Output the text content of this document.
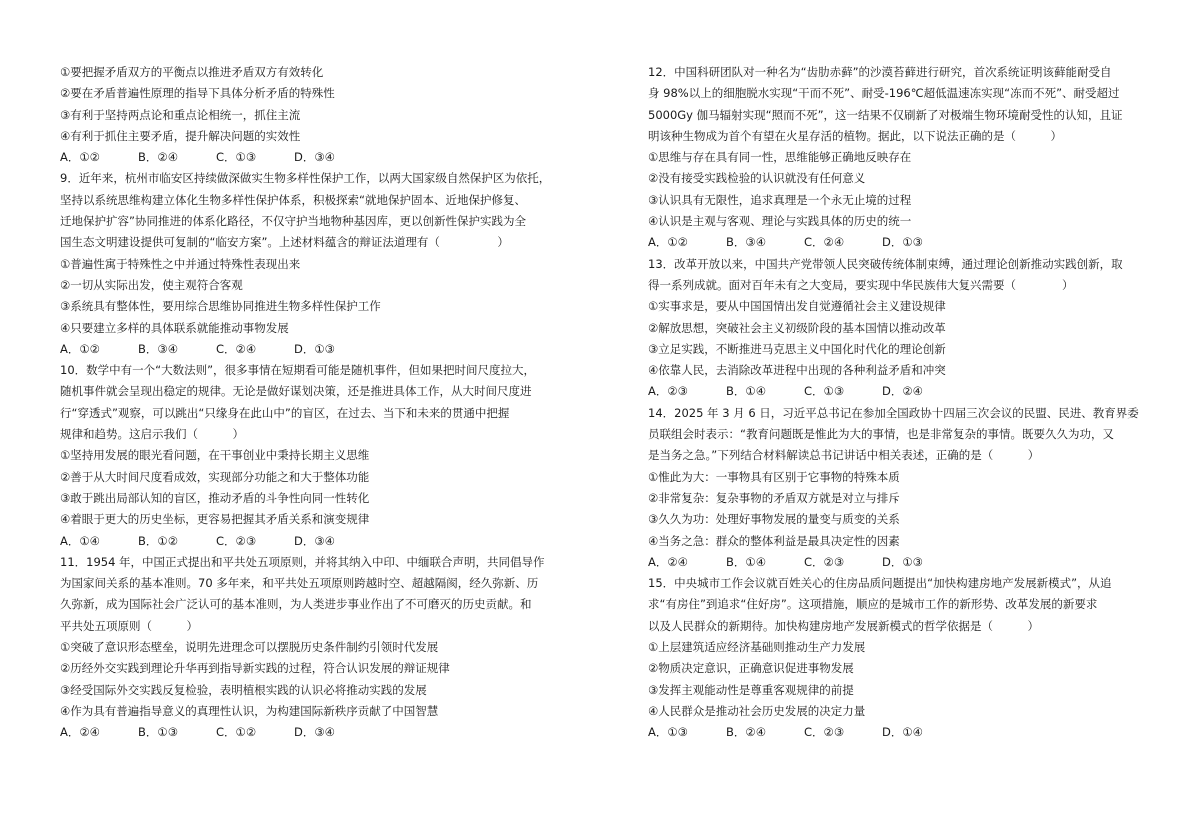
①要把握矛盾双方的平衡点以推进矛盾双方有效转化
②要在矛盾普遍性原理的指导下具体分析矛盾的特殊性
③有利于坚持两点论和重点论相统一，抓住主流
④有利于抓住主要矛盾，提升解决问题的实效性
A．①②	B．②④	C．①③	D．③④
9．近年来，杭州市临安区持续做深做实生物多样性保护工作，以两大国家级自然保护区为依托，
坚持以系统思维构建立体化生物多样性保护体系，积极探索“就地保护固本、近地保护修复、
迁地保护扩容”协同推进的体系化路径，不仅守护当地物种基因库，更以创新性保护实践为全
国生态文明建设提供可复制的“临安方案”。上述材料蕴含的辩证法道理有（　　　　　）
①普遍性寓于特殊性之中并通过特殊性表现出来
②一切从实际出发，使主观符合客观
③系统具有整体性，要用综合思维协同推进生物多样性保护工作
④只要建立多样的具体联系就能推动事物发展
A．①②	B．③④	C．②④	D．①③
10．数学中有一个“大数法则”，很多事情在短期看可能是随机事件，但如果把时间尺度拉大，
随机事件就会呈现出稳定的规律。无论是做好谋划决策，还是推进具体工作，从大时间尺度进
行“穿透式”观察，可以跳出“只缘身在此山中”的盲区，在过去、当下和未来的贯通中把握
规律和趋势。这启示我们（　　　）
①坚持用发展的眼光看问题，在干事创业中秉持长期主义思维
②善于从大时间尺度看成效，实现部分功能之和大于整体功能
③敢于跳出局部认知的盲区，推动矛盾的斗争性向同一性转化
④着眼于更大的历史坐标，更容易把握其矛盾关系和演变规律
A．①④	B．①②	C．②③	D．③④
11．1954 年，中国正式提出和平共处五项原则，并将其纳入中印、中缅联合声明，共同倡导作
为国家间关系的基本准则。70 多年来，和平共处五项原则跨越时空、超越隔阂，经久弥新、历
久弥新，成为国际社会广泛认可的基本准则，为人类进步事业作出了不可磨灭的历史贡献。和
平共处五项原则（　　　）
①突破了意识形态壁垒，说明先进理念可以摆脱历史条件制约引领时代发展
②历经外交实践到理论升华再到指导新实践的过程，符合认识发展的辩证规律
③经受国际外交实践反复检验，表明植根实践的认识必将推动实践的发展
④作为具有普遍指导意义的真理性认识，为构建国际新秩序贡献了中国智慧
A．②④	B．①③	C．①②	D．③④
12．中国科研团队对一种名为“齿肋赤藓”的沙漠苔藓进行研究，首次系统证明该藓能耐受自
身 98%以上的细胞脱水实现“干而不死”、耐受-196℃超低温速冻实现“冻而不死”、耐受超过
5000Gy 伽马辐射实现“照而不死”，这一结果不仅刷新了对极端生物环境耐受性的认知，且证
明该种生物成为首个有望在火星存活的植物。据此，以下说法正确的是（　　　）
①思维与存在具有同一性，思维能够正确地反映存在
②没有接受实践检验的认识就没有任何意义
③认识具有无限性，追求真理是一个永无止境的过程
④认识是主观与客观、理论与实践具体的历史的统一
A．①②	B．③④	C．②④	D．①③
13．改革开放以来，中国共产党带领人民突破传统体制束缚，通过理论创新推动实践创新，取
得一系列成就。面对百年未有之大变局，要实现中华民族伟大复兴需要（　　　　）
①实事求是，要从中国国情出发自觉遵循社会主义建设规律
②解放思想，突破社会主义初级阶段的基本国情以推动改革
③立足实践，不断推进马克思主义中国化时代化的理论创新
④依靠人民，去消除改革进程中出现的各种利益矛盾和冲突
A．②③	B．①④	C．①③	D．②④
14．2025 年 3 月 6 日，习近平总书记在参加全国政协十四届三次会议的民盟、民进、教育界委
员联组会时表示：“教育问题既是惟此为大的事情，也是非常复杂的事情。既要久久为功，又
是当务之急。”下列结合材料解读总书记讲话中相关表述，正确的是（　　　）
①惟此为大：一事物具有区别于它事物的特殊本质
②非常复杂：复杂事物的矛盾双方就是对立与排斥
③久久为功：处理好事物发展的量变与质变的关系
④当务之急：群众的整体利益是最具决定性的因素
A．②④	B．①④	C．②③	D．①③
15．中央城市工作会议就百姓关心的住房品质问题提出“加快构建房地产发展新模式”，从追
求“有房住”到追求“住好房”。这项措施，顺应的是城市工作的新形势、改革发展的新要求
以及人民群众的新期待。加快构建房地产发展新模式的哲学依据是（　　　）
①上层建筑适应经济基础则推动生产力发展
②物质决定意识，正确意识促进事物发展
③发挥主观能动性是尊重客观规律的前提
④人民群众是推动社会历史发展的决定力量
A．①③	B．②④	C．②③	D．①④
